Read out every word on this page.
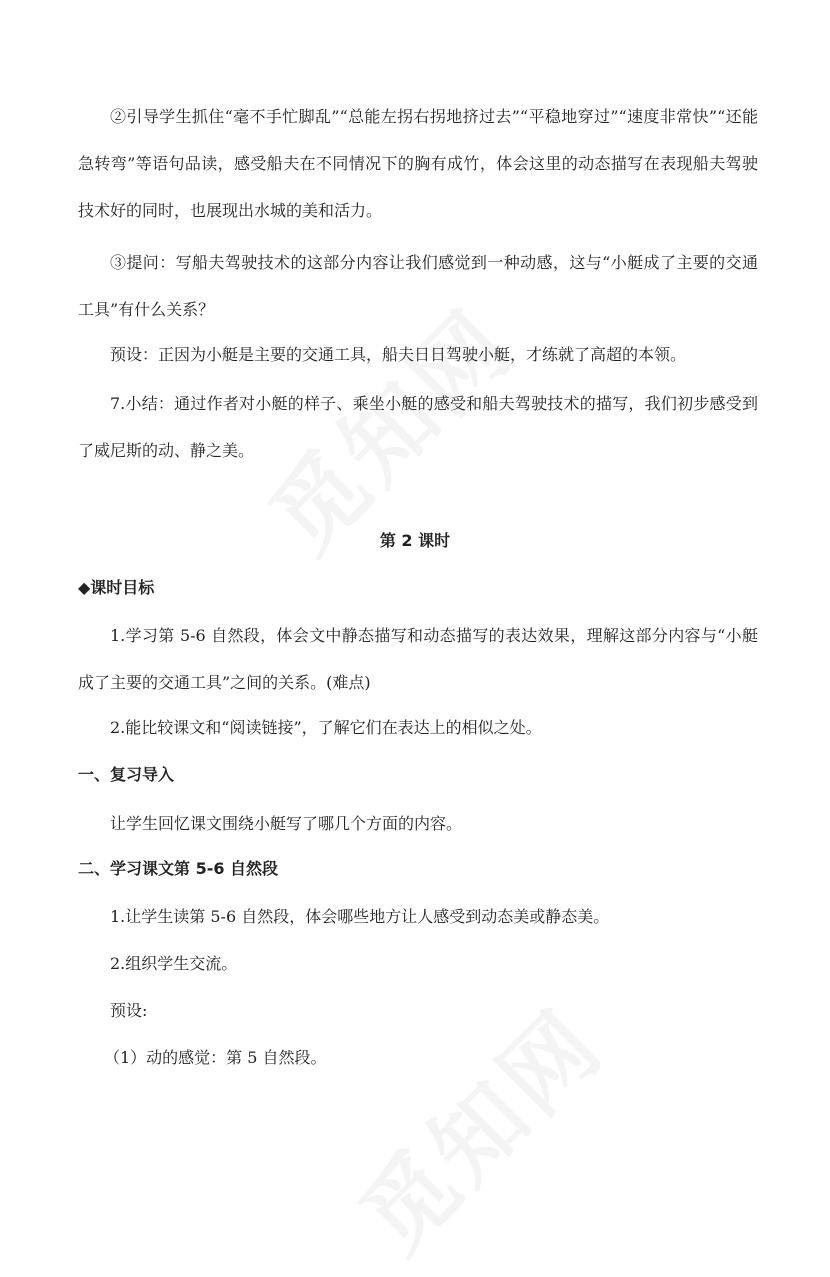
②引导学生抓住“毫不手忙脚乱”“总能左拐右拐地挤过去”“平稳地穿过”“速度非常快”“还能急转弯”等语句品读，感受船夫在不同情况下的胸有成竹，体会这里的动态描写在表现船夫驾驶技术好的同时，也展现出水城的美和活力。

③提问：写船夫驾驶技术的这部分内容让我们感觉到一种动感，这与“小艇成了主要的交通工具”有什么关系？

预设：正因为小艇是主要的交通工具，船夫日日驾驶小艇，才练就了高超的本领。

7.小结：通过作者对小艇的样子、乘坐小艇的感受和船夫驾驶技术的描写，我们初步感受到了威尼斯的动、静之美。

第 2 课时

◆课时目标

1.学习第 5-6 自然段，体会文中静态描写和动态描写的表达效果，理解这部分内容与“小艇成了主要的交通工具”之间的关系。(难点)

2.能比较课文和“阅读链接”，了解它们在表达上的相似之处。

一、复习导入

让学生回忆课文围绕小艇写了哪几个方面的内容。

二、学习课文第 5-6 自然段

1.让学生读第 5-6 自然段，体会哪些地方让人感受到动态美或静态美。

2.组织学生交流。

预设:

（1）动的感觉：第 5 自然段。
